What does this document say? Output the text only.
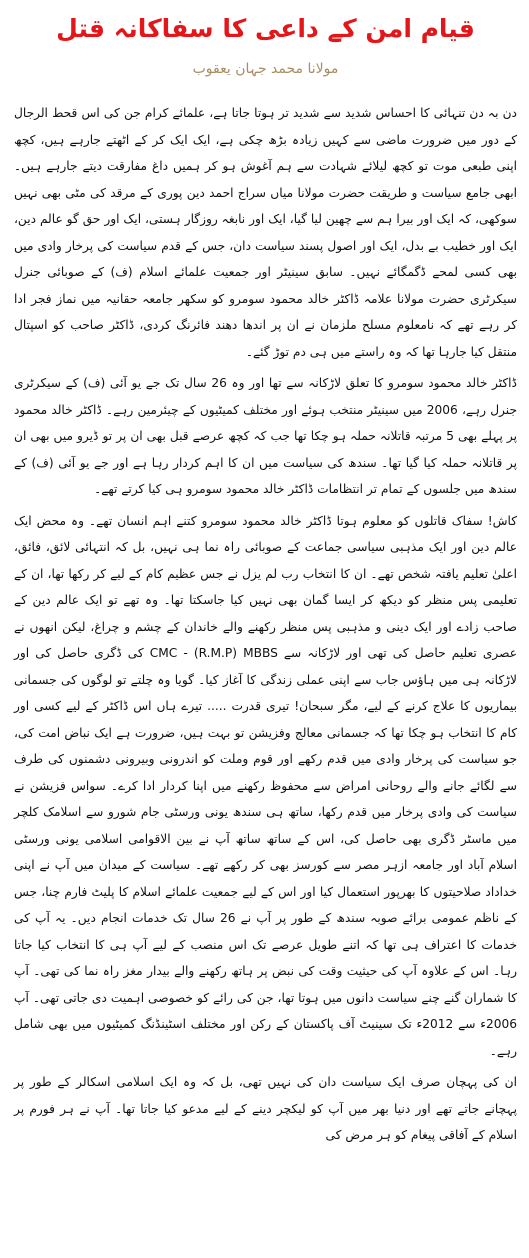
قیام امن کے داعی کا سفاکانہ قتل
مولانا محمد جہان یعقوب

دن بہ دن تنہائی کا احساس شدید سے شدید تر ہوتا جاتا ہے، علمائے کرام جن کی اس قحط الرجال کے دور میں ضرورت ماضی سے کہیں زیادہ بڑھ چکی ہے، ایک ایک کر کے اٹھتے جارہے ہیں، کچھ اپنی طبعی موت تو کچھ لیلائے شہادت سے ہم آغوش ہو کر ہمیں داغ مفارقت دیتے جارہے ہیں۔ ابھی جامع سیاست و طریقت حضرت مولانا میاں سراج احمد دین پوری کے مرقد کی مٹی بھی نہیں سوکھی، کہ ایک اور بیرا ہم سے چھین لیا گیا، ایک اور نابغہ روزگار ہستی، ایک اور حق گو عالم دین، ایک اور خطیب بے بدل، ایک اور اصول پسند سیاست دان، جس کے قدم سیاست کی پرخار وادی میں بھی کسی لمحے ڈگمگائے نہیں۔ سابق سینیٹر اور جمعیت علمائے اسلام (ف) کے صوبائی جنرل سیکرٹری حضرت مولانا علامہ ڈاکٹر خالد محمود سومرو کو سکھر جامعہ حقانیہ میں نماز فجر ادا کر رہے تھے کہ نامعلوم مسلح ملزمان نے ان پر اندھا دھند فائرنگ کردی، ڈاکٹر صاحب کو اسپتال منتقل کیا جارہا تھا کہ وہ راستے میں ہی دم توڑ گئے۔

ڈاکٹر خالد محمود سومرو کا تعلق لاڑکانہ سے تھا اور وہ 26 سال تک جے یو آئی (ف) کے سیکرٹری جنرل رہے، 2006 میں سینیٹر منتخب ہوئے اور مختلف کمیٹیوں کے چیئرمین رہے۔ ڈاکٹر خالد محمود پر پہلے بھی 5 مرتبہ قاتلانہ حملہ ہو چکا تھا جب کہ کچھ عرصے قبل بھی ان پر تو ڈیرو میں بھی ان پر قاتلانہ حملہ کیا گیا تھا۔ سندھ کی سیاست میں ان کا اہم کردار رہا ہے اور جے یو آئی (ف) کے سندھ میں جلسوں کے تمام تر انتظامات ڈاکٹر خالد محمود سومرو ہی کیا کرتے تھے۔

کاش! سفاک قاتلوں کو معلوم ہوتا ڈاکٹر خالد محمود سومرو کتنے اہم انسان تھے۔ وہ محض ایک عالم دین اور ایک مذہبی سیاسی جماعت کے صوبائی راہ نما ہی نہیں، بل کہ انتہائی لائق، فائق، اعلیٰ تعلیم یافتہ شخص تھے۔ ان کا انتخاب رب لم یزل نے جس عظیم کام کے لیے کر رکھا تھا، ان کے تعلیمی پس منظر کو دیکھ کر ایسا گمان بھی نہیں کیا جاسکتا تھا۔ وہ تھے تو ایک عالم دین کے صاحب زادے اور ایک دینی و مذہبی پس منظر رکھنے والے خاندان کے چشم و چراغ، لیکن انھوں نے عصری تعلیم حاصل کی تھی اور لاڑکانہ سے CMC - (R.M.P) MBBS کی ڈگری حاصل کی اور لاڑکانہ ہی میں ہاؤس جاب سے اپنی عملی زندگی کا آغاز کیا۔ گویا وہ چلتے تو لوگوں کی جسمانی بیماریوں کا علاج کرنے کے لیے، مگر سبحان! تیری قدرت ..... تیرے ہاں اس ڈاکٹر کے لیے کسی اور کام کا انتخاب ہو چکا تھا کہ جسمانی معالج وفزیشن تو بہت ہیں، ضرورت ہے ایک نباض امت کی، جو سیاست کی پرخار وادی میں قدم رکھے اور قوم وملت کو اندرونی وبیرونی دشمنوں کی طرف سے لگائے جانے والے روحانی امراض سے محفوظ رکھنے میں اپنا کردار ادا کرے۔ سواس فزیشن نے سیاست کی وادی پرخار میں قدم رکھا، ساتھ ہی سندھ یونی ورسٹی جام شورو سے اسلامک کلچر میں ماسٹر ڈگری بھی حاصل کی، اس کے ساتھ ساتھ آپ نے بین الاقوامی اسلامی یونی ورسٹی اسلام آباد اور جامعہ ازہر مصر سے کورسز بھی کر رکھے تھے۔ سیاست کے میدان میں آپ نے اپنی خداداد صلاحیتوں کا بھرپور استعمال کیا اور اس کے لیے جمعیت علمائے اسلام کا پلیٹ فارم چنا، جس کے ناظم عمومی برائے صوبہ سندھ کے طور پر آپ نے 26 سال تک خدمات انجام دیں۔ یہ آپ کی خدمات کا اعتراف ہی تھا کہ اتنے طویل عرصے تک اس منصب کے لیے آپ ہی کا انتخاب کیا جاتا رہا۔ اس کے علاوہ آپ کی حیثیت وقت کی نبض پر ہاتھ رکھنے والے بیدار مغز راہ نما کی تھی۔ آپ کا شماران گنے چنے سیاست دانوں میں ہوتا تھا، جن کی رائے کو خصوصی اہمیت دی جاتی تھی۔ آپ 2006ء سے 2012ء تک سینیٹ آف پاکستان کے رکن اور مختلف اسٹینڈنگ کمیٹیوں میں بھی شامل رہے۔

ان کی پہچان صرف ایک سیاست دان کی نہیں تھی، بل کہ وہ ایک اسلامی اسکالر کے طور پر پہچانے جاتے تھے اور دنیا بھر میں آپ کو لیکچر دینے کے لیے مدعو کیا جاتا تھا۔ آپ نے ہر فورم پر اسلام کے آفاقی پیغام کو ہر مرض کی
